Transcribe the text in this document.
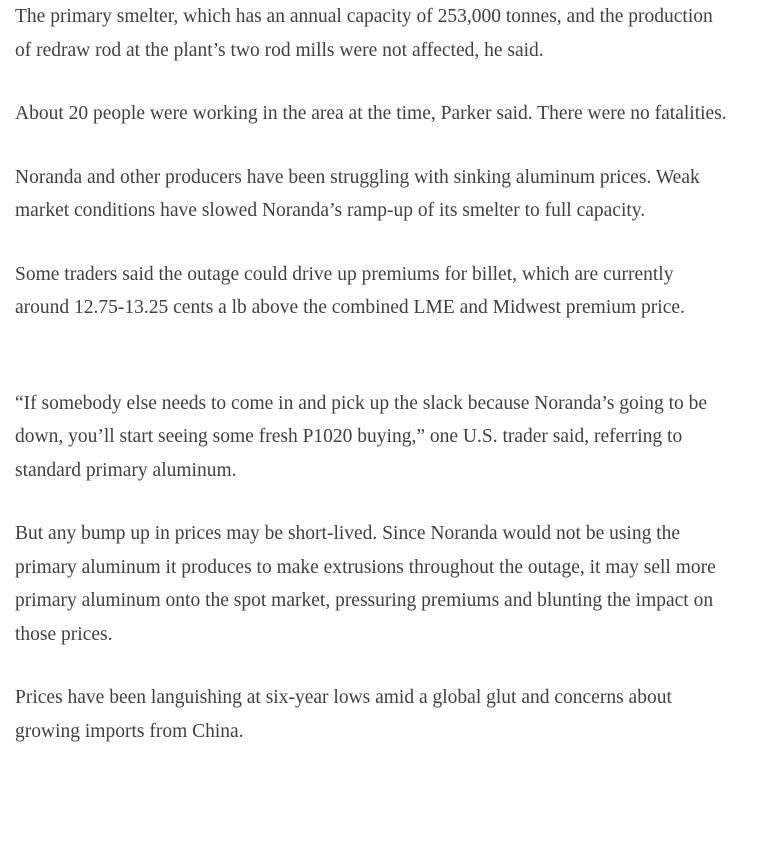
The primary smelter, which has an annual capacity of 253,000 tonnes, and the production of redraw rod at the plant’s two rod mills were not affected, he said.

About 20 people were working in the area at the time, Parker said. There were no fatalities.

Noranda and other producers have been struggling with sinking aluminum prices. Weak market conditions have slowed Noranda’s ramp-up of its smelter to full capacity.

Some traders said the outage could drive up premiums for billet, which are currently around 12.75-13.25 cents a lb above the combined LME and Midwest premium price.

“If somebody else needs to come in and pick up the slack because Noranda’s going to be down, you’ll start seeing some fresh P1020 buying,” one U.S. trader said, referring to standard primary aluminum.

But any bump up in prices may be short-lived. Since Noranda would not be using the primary aluminum it produces to make extrusions throughout the outage, it may sell more primary aluminum onto the spot market, pressuring premiums and blunting the impact on those prices.

Prices have been languishing at six-year lows amid a global glut and concerns about growing imports from China.
